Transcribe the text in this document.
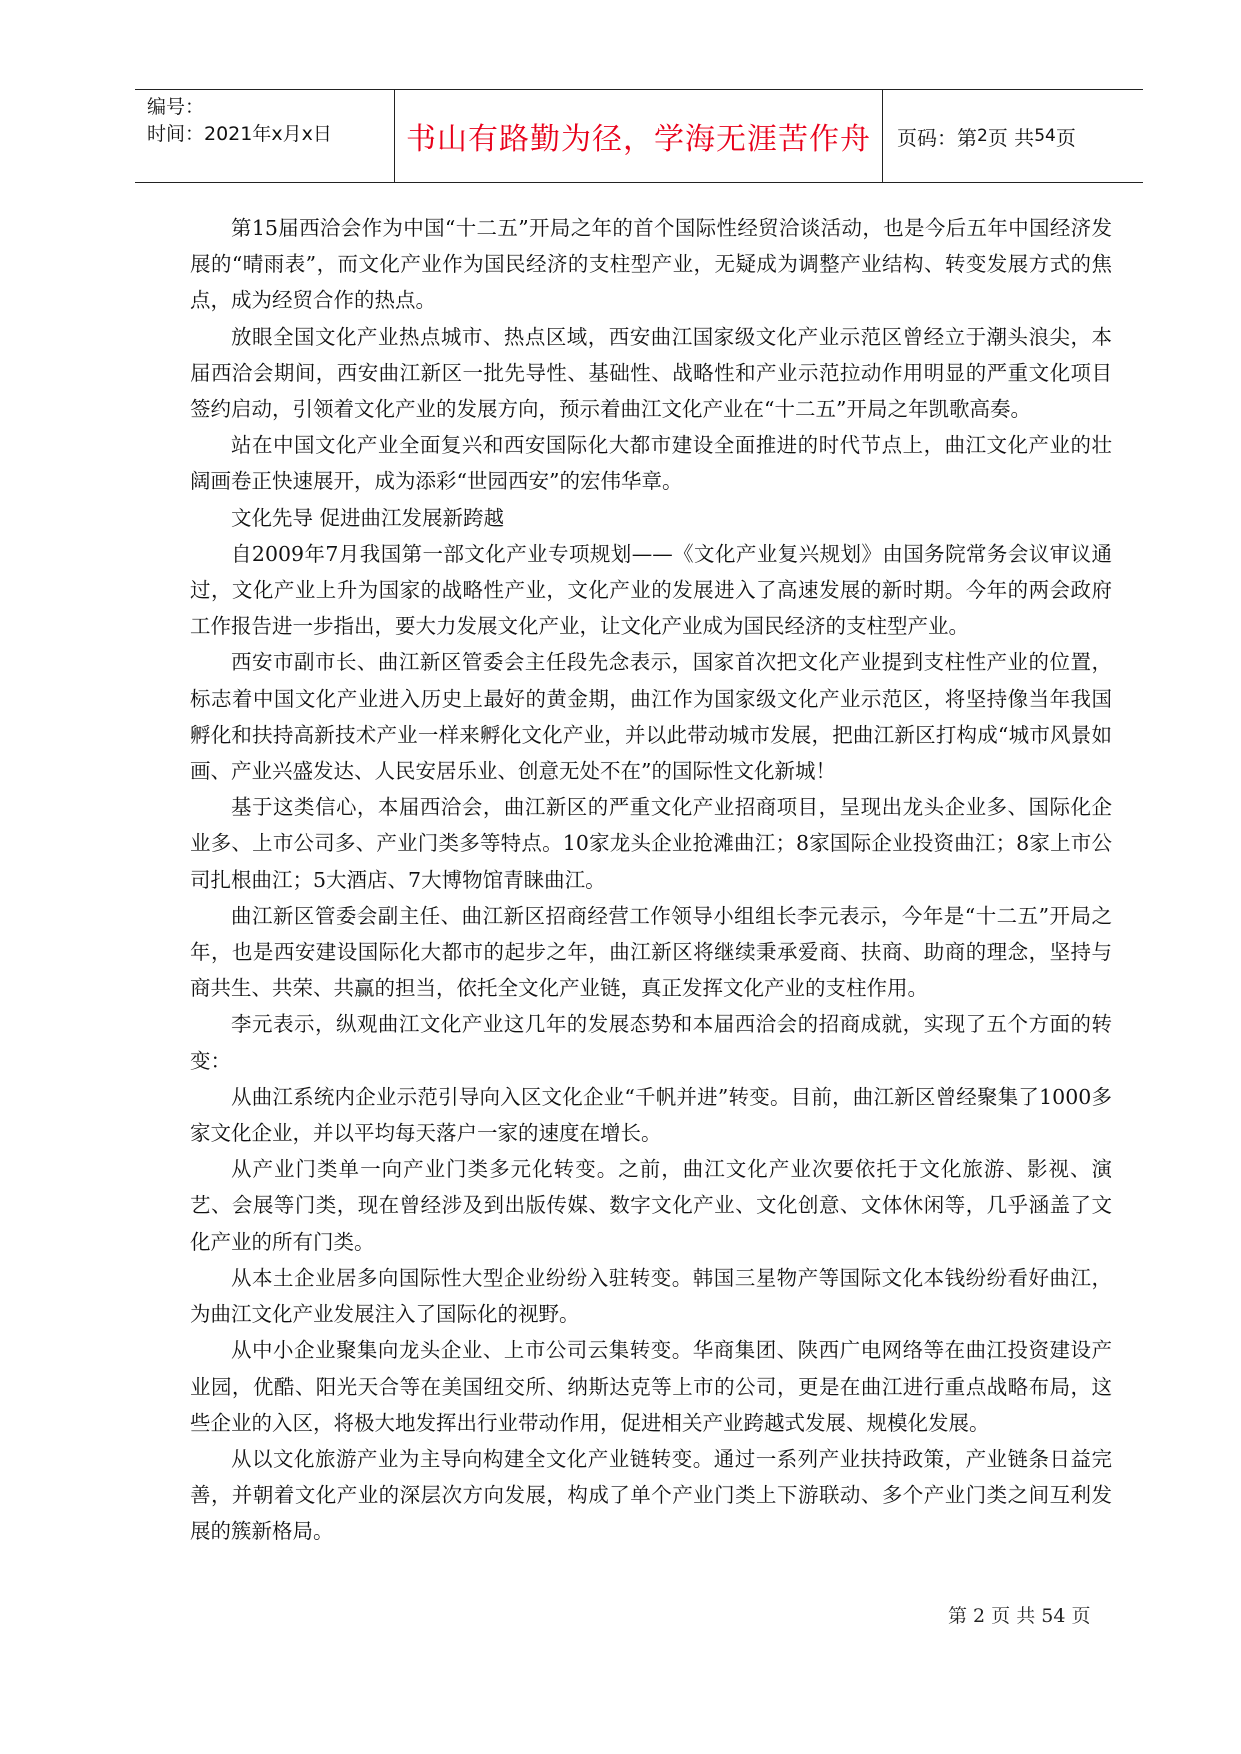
编号：
时间：2021年x月x日	书山有路勤为径，学海无涯苦作舟	页码：第 2 页 共 54 页

第15届西洽会作为中国“十二五”开局之年的首个国际性经贸洽谈活动，也是今后五年中国经济发展的“晴雨表”，而文化产业作为国民经济的支柱型产业，无疑成为调整产业结构、转变发展方式的焦点，成为经贸合作的热点。

放眼全国文化产业热点城市、热点区域，西安曲江国家级文化产业示范区曾经立于潮头浪尖，本届西洽会期间，西安曲江新区一批先导性、基础性、战略性和产业示范拉动作用明显的严重文化项目签约启动，引领着文化产业的发展方向，预示着曲江文化产业在“十二五”开局之年凯歌高奏。

站在中国文化产业全面复兴和西安国际化大都市建设全面推进的时代节点上，曲江文化产业的壮阔画卷正快速展开，成为添彩“世园西安”的宏伟华章。

文化先导 促进曲江发展新跨越

自2009年7月我国第一部文化产业专项规划——《文化产业复兴规划》由国务院常务会议审议通过，文化产业上升为国家的战略性产业，文化产业的发展进入了高速发展的新时期。今年的两会政府工作报告进一步指出，要大力发展文化产业，让文化产业成为国民经济的支柱型产业。

西安市副市长、曲江新区管委会主任段先念表示，国家首次把文化产业提到支柱性产业的位置，标志着中国文化产业进入历史上最好的黄金期，曲江作为国家级文化产业示范区，将坚持像当年我国孵化和扶持高新技术产业一样来孵化文化产业，并以此带动城市发展，把曲江新区打构成“城市风景如画、产业兴盛发达、人民安居乐业、创意无处不在”的国际性文化新城！

基于这类信心，本届西洽会，曲江新区的严重文化产业招商项目，呈现出龙头企业多、国际化企业多、上市公司多、产业门类多等特点。10家龙头企业抢滩曲江；8家国际企业投资曲江；8家上市公司扎根曲江；5大酒店、7大博物馆青睐曲江。

曲江新区管委会副主任、曲江新区招商经营工作领导小组组长李元表示，今年是“十二五”开局之年，也是西安建设国际化大都市的起步之年，曲江新区将继续秉承爱商、扶商、助商的理念，坚持与商共生、共荣、共赢的担当，依托全文化产业链，真正发挥文化产业的支柱作用。

李元表示，纵观曲江文化产业这几年的发展态势和本届西洽会的招商成就，实现了五个方面的转变：

从曲江系统内企业示范引导向入区文化企业“千帆并进”转变。目前，曲江新区曾经聚集了1000多家文化企业，并以平均每天落户一家的速度在增长。

从产业门类单一向产业门类多元化转变。之前，曲江文化产业次要依托于文化旅游、影视、演艺、会展等门类，现在曾经涉及到出版传媒、数字文化产业、文化创意、文体休闲等，几乎涵盖了文化产业的所有门类。

从本土企业居多向国际性大型企业纷纷入驻转变。韩国三星物产等国际文化本钱纷纷看好曲江，为曲江文化产业发展注入了国际化的视野。

从中小企业聚集向龙头企业、上市公司云集转变。华商集团、陕西广电网络等在曲江投资建设产业园，优酷、阳光天合等在美国纽交所、纳斯达克等上市的公司，更是在曲江进行重点战略布局，这些企业的入区，将极大地发挥出行业带动作用，促进相关产业跨越式发展、规模化发展。

从以文化旅游产业为主导向构建全文化产业链转变。通过一系列产业扶持政策，产业链条日益完善，并朝着文化产业的深层次方向发展，构成了单个产业门类上下游联动、多个产业门类之间互利发展的簇新格局。

第 2 页 共 54 页
